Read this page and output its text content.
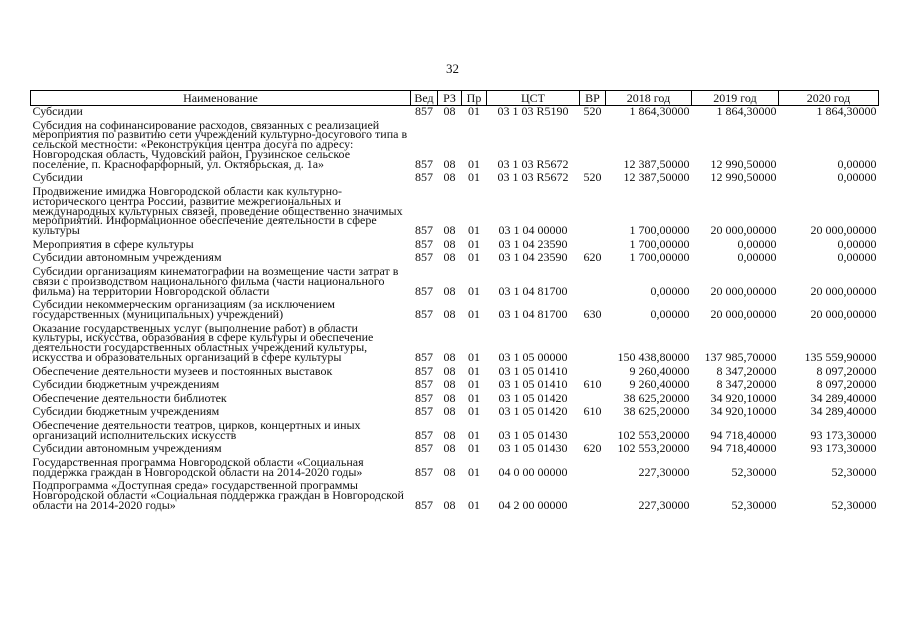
32
Наименование	Вед	РЗ	Пр	ЦСТ	ВР	2018 год	2019 год	2020 год
Субсидии	857	08	01	03 1 03 R5190	520	1 864,30000	1 864,30000	1 864,30000
Субсидия на софинансирование расходов, связанных с реализацией мероприятия по развитию сети учреждений культурно-досугового типа в сельской местности: «Реконструкция центра досуга по адресу: Новгородская область, Чудовский район, Грузинское сельское поселение, п. Краснофарфорный, ул. Октябрьская, д. 1а»	857	08	01	03 1 03 R5672		12 387,50000	12 990,50000	0,00000
Субсидии	857	08	01	03 1 03 R5672	520	12 387,50000	12 990,50000	0,00000
Продвижение имиджа Новгородской области как культурно-исторического центра России, развитие межрегиональных и международных культурных связей, проведение общественно значимых мероприятий. Информационное обеспечение деятельности в сфере культуры	857	08	01	03 1 04 00000		1 700,00000	20 000,00000	20 000,00000
Мероприятия в сфере культуры	857	08	01	03 1 04 23590		1 700,00000	0,00000	0,00000
Субсидии автономным учреждениям	857	08	01	03 1 04 23590	620	1 700,00000	0,00000	0,00000
Субсидии организациям кинематографии на возмещение части затрат в связи с производством национального фильма (части национального фильма) на территории Новгородской области	857	08	01	03 1 04 81700		0,00000	20 000,00000	20 000,00000
Субсидии некоммерческим организациям (за исключением государственных (муниципальных) учреждений)	857	08	01	03 1 04 81700	630	0,00000	20 000,00000	20 000,00000
Оказание государственных услуг (выполнение работ) в области культуры, искусства, образования в сфере культуры и обеспечение деятельности государственных областных учреждений культуры, искусства и образовательных организаций в сфере культуры	857	08	01	03 1 05 00000		150 438,80000	137 985,70000	135 559,90000
Обеспечение деятельности музеев и постоянных выставок	857	08	01	03 1 05 01410		9 260,40000	8 347,20000	8 097,20000
Субсидии бюджетным учреждениям	857	08	01	03 1 05 01410	610	9 260,40000	8 347,20000	8 097,20000
Обеспечение деятельности библиотек	857	08	01	03 1 05 01420		38 625,20000	34 920,10000	34 289,40000
Субсидии бюджетным учреждениям	857	08	01	03 1 05 01420	610	38 625,20000	34 920,10000	34 289,40000
Обеспечение деятельности театров, цирков, концертных и иных организаций исполнительских искусств	857	08	01	03 1 05 01430		102 553,20000	94 718,40000	93 173,30000
Субсидии автономным учреждениям	857	08	01	03 1 05 01430	620	102 553,20000	94 718,40000	93 173,30000
Государственная программа Новгородской области «Социальная поддержка граждан в Новгородской области на 2014-2020 годы»	857	08	01	04 0 00 00000		227,30000	52,30000	52,30000
Подпрограмма «Доступная среда» государственной программы Новгородской области «Социальная поддержка граждан в Новгородской области на 2014-2020 годы»	857	08	01	04 2 00 00000		227,30000	52,30000	52,30000
